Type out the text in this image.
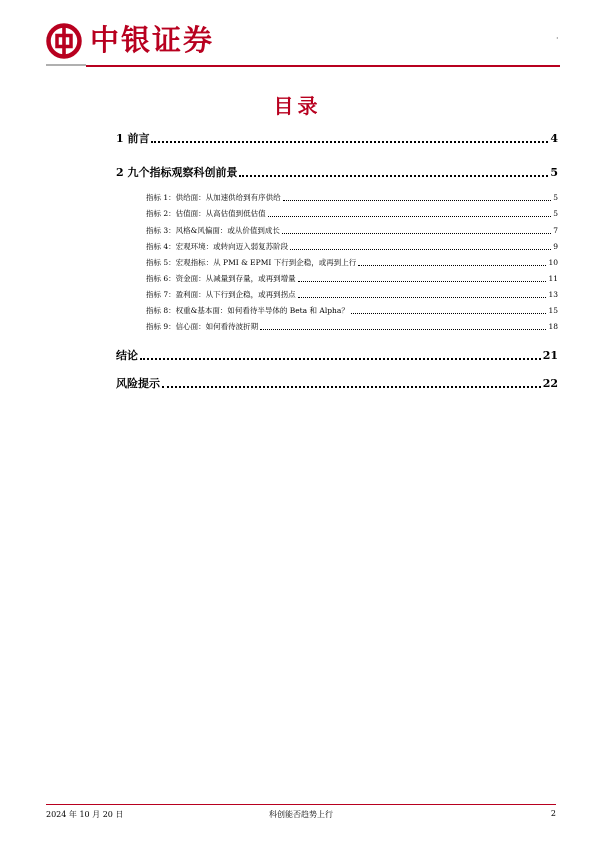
中银证券
·	·
目录
1 前言	4
2 九个指标观察科创前景	5
指标 1：供给面：从加速供给到有序供给	5
指标 2：估值面：从高估值到低估值	5
指标 3：风格&风偏面：或从价值到成长	7
指标 4：宏观环境：或转向迈入弱复苏阶段	9
指标 5：宏观指标：从 PMI & EPMI 下行到企稳，或再到上行	10
指标 6：资金面：从减量到存量，或再到增量	11
指标 7：盈利面：从下行到企稳，或再到拐点	13
指标 8：权重&基本面：如何看待半导体的 Beta 和 Alpha？	15
指标 9：信心面：如何看待波折期	18
结论	21
风险提示	22
2024 年 10 月 20 日	科创能否趋势上行	2
